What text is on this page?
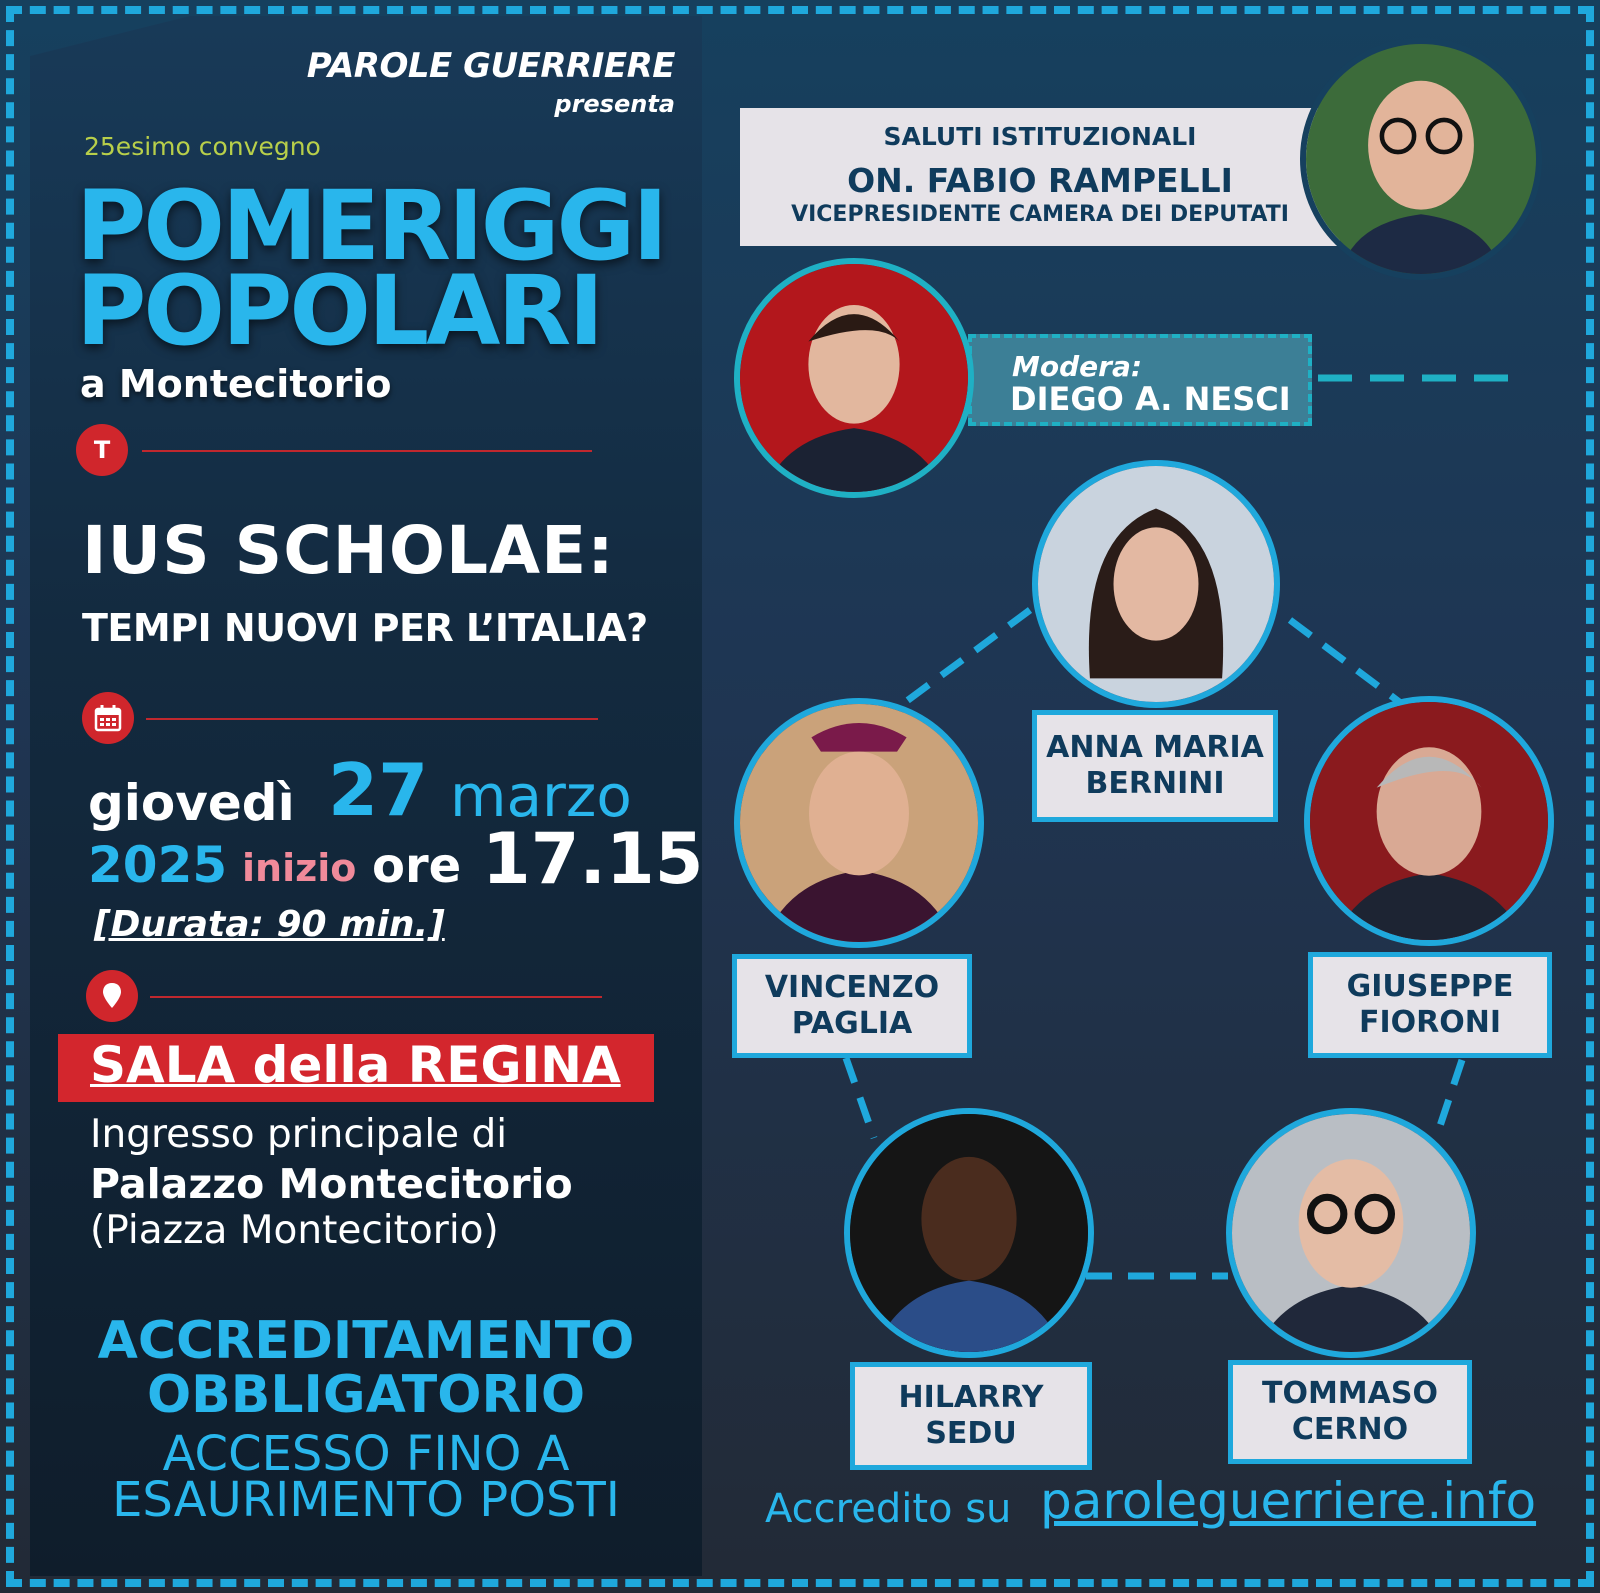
PAROLE GUERRIERE
presenta
25esimo convegno
POMERIGGI
POPOLARI
a Montecitorio
T
IUS SCHOLAE:
TEMPI NUOVI PER L’ITALIA?
giovedì 27 marzo
2025 inizio ore 17.15
[Durata: 90 min.]
SALA della REGINA
Ingresso principale di
Palazzo Montecitorio
(Piazza Montecitorio)
ACCREDITAMENTO
OBBLIGATORIO
ACCESSO FINO A
ESAURIMENTO POSTI
SALUTI ISTITUZIONALI
ON. FABIO RAMPELLI
VICEPRESIDENTE CAMERA DEI DEPUTATI
Modera:
DIEGO A. NESCI
ANNA MARIA
BERNINI
VINCENZO
PAGLIA
GIUSEPPE
FIORONI
HILARRY
SEDU
TOMMASO
CERNO
Accredito su paroleguerriere.info
